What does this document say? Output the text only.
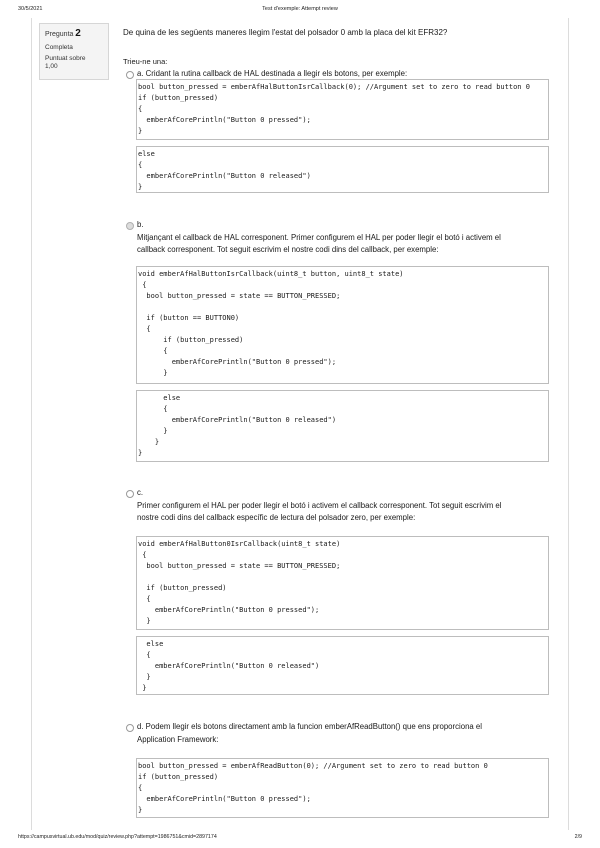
30/5/2021	Test d'exemple: Attempt review
Pregunta 2
Completa
Puntuat sobre
1,00
De quina de les següents maneres llegim l'estat del polsador 0 amb la placa del kit EFR32?
Trieu-ne una:
a. Cridant la rutina callback de HAL destinada a llegir els botons, per exemple:
bool button_pressed = emberAfHalButtonIsrCallback(0); //Argument set to zero to read button 0
if (button_pressed)
{
emberAfCorePrintln("Button 0 pressed");
}
else
{
emberAfCorePrintln("Button 0 released")
}
b.
Mitjançant el callback de HAL corresponent. Primer configurem el HAL per poder llegir el botó i activem el
callback corresponent. Tot seguit escrivim el nostre codi dins del callback, per exemple:
void emberAfHalButtonIsrCallback(uint8_t button, uint8_t state)
{
bool button_pressed = state == BUTTON_PRESSED;
if (button == BUTTON0)
{
if (button_pressed)
{
emberAfCorePrintln("Button 0 pressed");
}
else
{
emberAfCorePrintln("Button 0 released")
}
}
}
c.
Primer configurem el HAL per poder llegir el botó i activem el callback corresponent. Tot seguit escrivim el
nostre codi dins del callback específic de lectura del polsador zero, per exemple:
void emberAfHalButton0IsrCallback(uint8_t state)
{
bool button_pressed = state == BUTTON_PRESSED;
if (button_pressed)
{
emberAfCorePrintln("Button 0 pressed");
}
else
{
emberAfCorePrintln("Button 0 released")
}
}
d. Podem llegir els botons directament amb la funcion emberAfReadButton() que ens proporciona el
Application Framework:
bool button_pressed = emberAfReadButton(0); //Argument set to zero to read button 0
if (button_pressed)
{
emberAfCorePrintln("Button 0 pressed");
}
https://campusvirtual.ub.edu/mod/quiz/review.php?attempt=1986751&cmid=2897174	2/9
